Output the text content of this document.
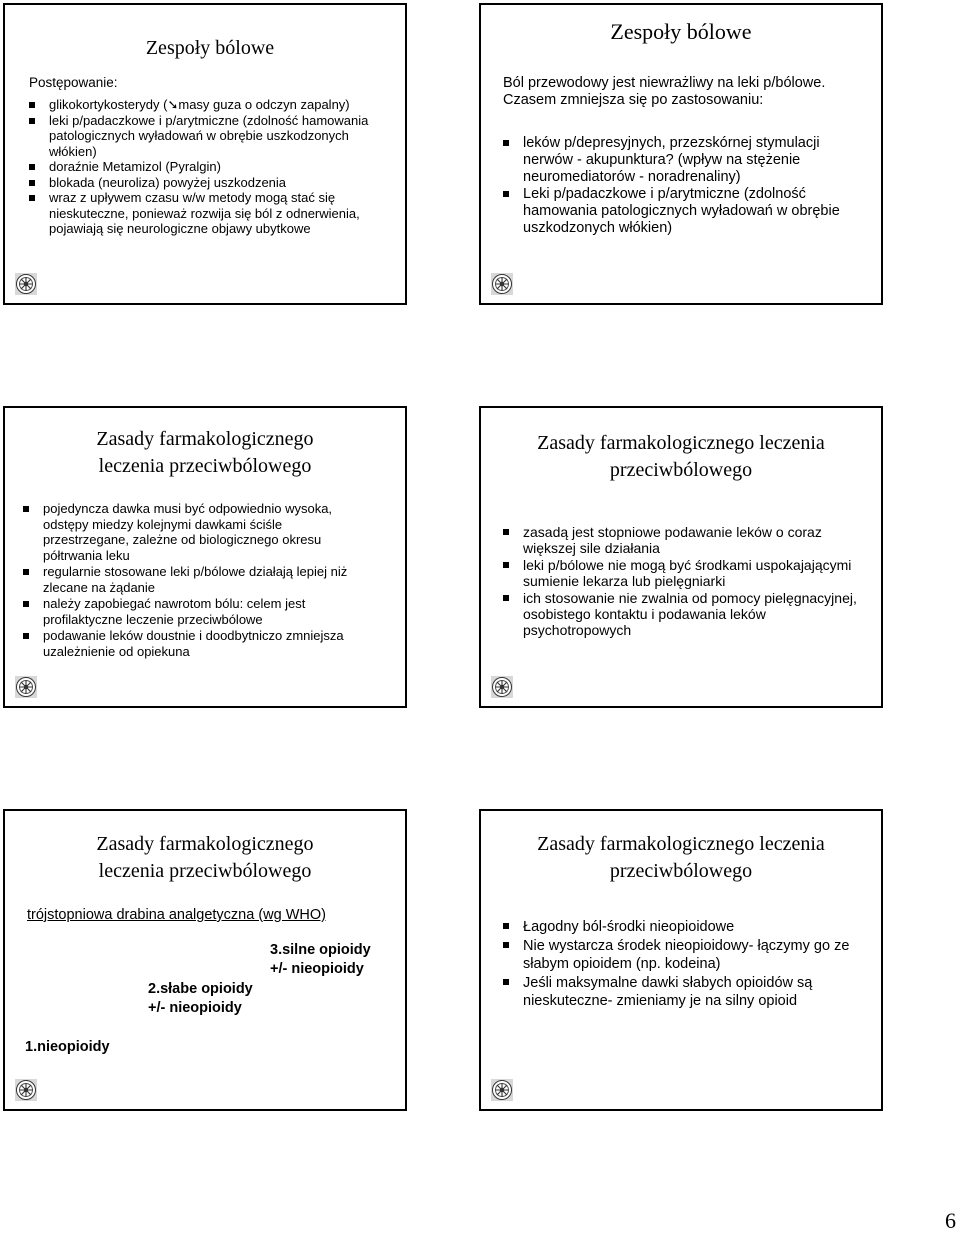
Zespoły bólowe
Postępowanie:
glikokortykosterydy (➘masy guza o odczyn zapalny)
leki p/padaczkowe i p/arytmiczne (zdolność hamowania patologicznych wyładowań w obrębie uszkodzonych włókien)
doraźnie Metamizol (Pyralgin)
blokada (neuroliza) powyżej uszkodzenia
wraz z upływem czasu w/w metody mogą stać się nieskuteczne, ponieważ rozwija się ból z odnerwienia, pojawiają się neurologiczne objawy ubytkowe
Zespoły bólowe
Ból przewodowy jest niewrażliwy na leki p/bólowe. Czasem zmniejsza się po zastosowaniu:
leków p/depresyjnych, przezskórnej stymulacji nerwów - akupunktura? (wpływ na stężenie neuromediatorów - noradrenaliny)
Leki p/padaczkowe i p/arytmiczne (zdolność hamowania patologicznych wyładowań w obrębie uszkodzonych włókien)
Zasady farmakologicznego leczenia przeciwbólowego
pojedyncza dawka musi być odpowiednio wysoka, odstępy miedzy kolejnymi dawkami ściśle przestrzegane, zależne od biologicznego okresu półtrwania leku
regularnie stosowane leki p/bólowe działają lepiej niż zlecane na żądanie
należy zapobiegać nawrotom bólu: celem jest profilaktyczne leczenie przeciwbólowe
podawanie leków doustnie i doodbytniczo zmniejsza uzależnienie od opiekuna
Zasady farmakologicznego leczenia przeciwbólowego
zasadą jest stopniowe podawanie leków o coraz większej sile działania
leki p/bólowe nie mogą być środkami uspokajającymi sumienie lekarza lub pielęgniarki
ich stosowanie nie zwalnia od pomocy pielęgnacyjnej, osobistego kontaktu i podawania leków psychotropowych
Zasady farmakologicznego leczenia przeciwbólowego
trójstopniowa drabina analgetyczna (wg WHO)
3.silne opioidy
+/- nieopioidy
2.słabe opioidy
+/- nieopioidy
1.nieopioidy
Zasady farmakologicznego leczenia przeciwbólowego
Łagodny ból-środki nieopioidowe
Nie wystarcza środek nieopioidowy- łączymy go ze słabym opioidem (np. kodeina)
Jeśli maksymalne dawki słabych opioidów są nieskuteczne- zmieniamy je na silny opioid
6
